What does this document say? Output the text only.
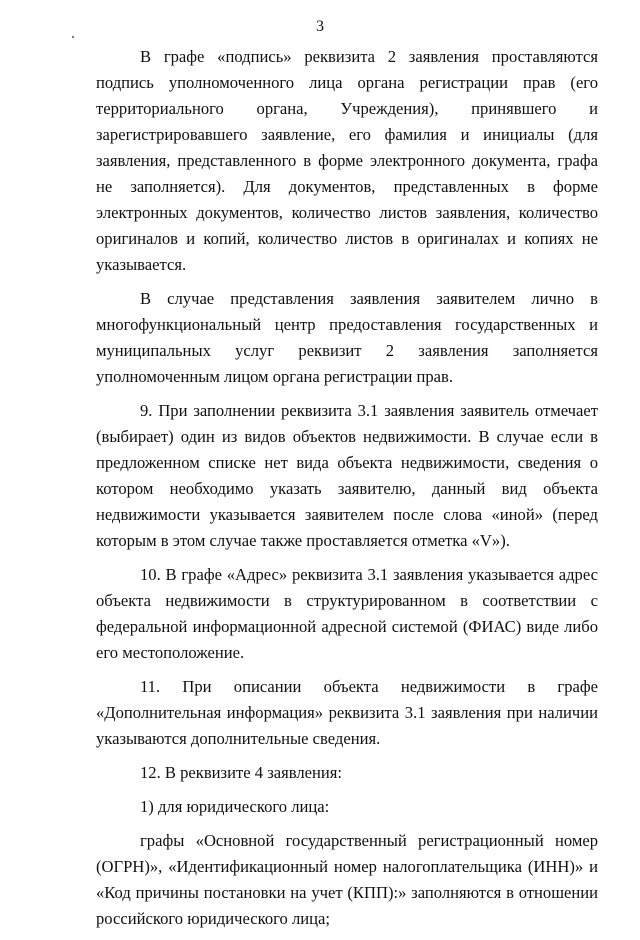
3

В графе «подпись» реквизита 2 заявления проставляются подпись уполномоченного лица органа регистрации прав (его территориального органа, Учреждения), принявшего и зарегистрировавшего заявление, его фамилия и инициалы (для заявления, представленного в форме электронного документа, графа не заполняется). Для документов, представленных в форме электронных документов, количество листов заявления, количество оригиналов и копий, количество листов в оригиналах и копиях не указывается.

В случае представления заявления заявителем лично в многофункциональный центр предоставления государственных и муниципальных услуг реквизит 2 заявления заполняется уполномоченным лицом органа регистрации прав.

9. При заполнении реквизита 3.1 заявления заявитель отмечает (выбирает) один из видов объектов недвижимости. В случае если в предложенном списке нет вида объекта недвижимости, сведения о котором необходимо указать заявителю, данный вид объекта недвижимости указывается заявителем после слова «иной» (перед которым в этом случае также проставляется отметка «V»).

10. В графе «Адрес» реквизита 3.1 заявления указывается адрес объекта недвижимости в структурированном в соответствии с федеральной информационной адресной системой (ФИАС) виде либо его местоположение.

11. При описании объекта недвижимости в графе «Дополнительная информация» реквизита 3.1 заявления при наличии указываются дополнительные сведения.

12. В реквизите 4 заявления:

1) для юридического лица:

графы «Основной государственный регистрационный номер (ОГРН)», «Идентификационный номер налогоплательщика (ИНН)» и «Код причины постановки на учет (КПП):» заполняются в отношении российского юридического лица;
